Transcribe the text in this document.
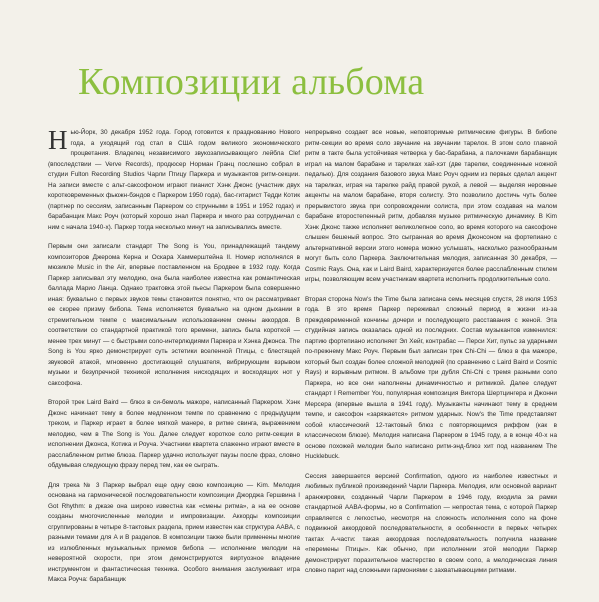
Композиции альбома

Нью-Йорк, 30 декабря 1952 года. Город готовится к празднованию Нового года, а уходящий год стал в США годом великого экономического процветания. Владелец независимого звукозаписывающего лейбла Clef (впоследствии — Verve Records), продюсер Норман Гранц послешно собрал в студии Fulton Recording Studios Чарли Птицу Паркера и музыкантов ритм-секции. На записи вместе с альт-саксофоном играют пианист Хэнк Джонс (участник двух коротковременных фьюжн-бэндов с Паркером 1950 года), бас-гитарист Тедди Котик (партнер по сессиям, записанным Паркером со струнными в 1951 и 1952 годах) и барабанщик Макс Роуч (который хорошо знал Паркера и много раз сотрудничал с ним с начала 1940-х). Паркер тогда несколько минут на записывались вместе.

Первым они записали стандарт The Song is You, принадлежащий тандему композиторов Джерома Керна и Оскара Хаммерштейна II. Номер исполнялся в мюзикле Music in the Air, впервые поставленном на Бродвее в 1932 году. Когда Паркер записывал эту мелодию, она была наиболее известна как романтическая баллада Марио Ланца. Однако трактовка этой пьесы Паркером была совершенно иная: буквально с первых звуков темы становится понятно, что он рассматривает ее скорее призму бибопа. Тема исполняется буквально на одном дыхании в стремительном темпе с максимальным использованием смены аккордов. В соответствии со стандартной практикой того времени, запись была короткой — менее трех минут — с быстрыми соло-интерлюдиями Паркера и Хэнка Джонса. The Song is You ярко демонстрирует суть эстетики вселенной Птицы, с блестящей звуковой атакой, мгновенно достигающей слушателя, вибрирующим взрывом музыки и безупречной техникой исполнения нисходящих и восходящих нот у саксофона.

Второй трек Laird Baird — блюз в си-бемоль мажоре, написанный Паркером. Хэнк Джонс начинает тему в более медленном темпе по сравнению с предыдущим треком, и Паркер играет в более мягкой манере, в ритме свинга, выражением мелодию, чем в The Song is You. Далее следует короткое соло ритм-секции в исполнении Джонса, Котика и Роуча. Участники квартета слаженно играют вместе в расслабленном ритме блюза. Паркер удачно использует паузы после фраз, словно обдумывая следующую фразу перед тем, как ее сыграть.

Для трека № 3 Паркер выбрал еще одну свою композицию — Kim. Мелодия основана на гармонической последовательности композиции Джорджа Гершвина I Got Rhythm: в джазе она широко известна как «смены ритма», а на ее основе созданы многочисленные мелодии и импровизации. Аккорды композиции сгруппированы в четыре 8-тактовых раздела, прием известен как структура AABA, с разными темами для A и B разделов. В композиции также были применены многие из излюбленных музыкальных приемов бибопа — исполнение мелодии на невероятной скорости, при этом демонстрируются виртуозное владение инструментом и фантастическая техника. Особого внимания заслуживает игра Макса Роуча: барабанщик

непрерывно создает все новые, неповторимые ритмические фигуры. В бибопе ритм-секции во время соло звучание на звучании тарелок. В этом соло главной ритм в такте была устойчивая четверка у бас-барабана, а палочками барабанщик играл на малом барабане и тарелках хай-хэт (две тарелки, соединенные ножной педалью). Для создания базового звука Макс Роуч одним из первых сделал акцент на тарелках, играя на тарелке райд правой рукой, а левой — выделяя неровные акценты на малом барабане, вторя солисту. Это позволило достичь чуть более прерывистого звука при сопровождении солиста, при этом создавая на малом барабане второстепенный ритм, добавляя музыке ритмическую динамику. В Kim Хэнк Джонс также исполняет великолепное соло, во время которого на саксофоне слышен бешеный вопрос. Это сыгранная во время Джонсоном на фортепиано с альтернативной версии этого номера можно услышать, насколько разнообразным могут быть соло Паркера. Заключительная мелодия, записанная 30 декабря, — Cosmic Rays. Она, как и Laird Baird, характеризуется более расслабленным стилем игры, позволяющим всем участникам квартета исполнить продолжительные соло.

Вторая сторона Now's the Time была записана семь месяцев спустя, 28 июля 1953 года. В это время Паркер переживал сложный период в жизни из-за преждевременной кончины дочери и последующего расставания с женой. Эта студийная запись оказалась одной из последних. Состав музыкантов изменился: партию фортепиано исполняет Эл Хейг, контрабас — Перси Хит, пульс за ударными по-прежнему Макс Роуч. Первым был записан трек Chi-Chi — блюз в фа мажоре, который был создан более сложной мелодией (по сравнению с Laird Baird и Cosmic Rays) и взрывным ритмом. В альбоме три дубля Chi-Chi с тремя разными соло Паркера, но все они наполнены динамичностью и ритмикой. Далее следует стандарт I Remember You, популярная композиция Виктора Шертцингера и Джонни Мерсера (впервые вышла в 1941 году). Музыканты начинают тему в среднем темпе, и саксофон «заряжается» ритмом ударных. Now's the Time представляет собой классический 12-тактовый блюз с повторяющимся риффом (как в классическом блюзе). Мелодия написана Паркером в 1945 году, а в конце 40-х на основе похожей мелодии было написано ритм-энд-блюз хит под названием The Hucklebuck.

Сессия завершается версией Confirmation, одного из наиболее известных и любимых публикой произведений Чарли Паркера. Мелодия, или основной вариант аранжировки, созданный Чарли Паркером в 1946 году, входила за рамки стандартной AABA-формы, но в Confirmation — непростая тема, с которой Паркер справляется с легкостью, несмотря на сложность исполнения соло на фоне подвижной аккордовой последовательности, в особенности в первых четырех тактах A-части: такая аккордовая последовательность получила название «перемены Птицы». Как обычно, при исполнении этой мелодии Паркер демонстрирует поразительное мастерство в своем соло, а мелодическая линия словно парит над сложными гармониями с захватывающими ритмами.
